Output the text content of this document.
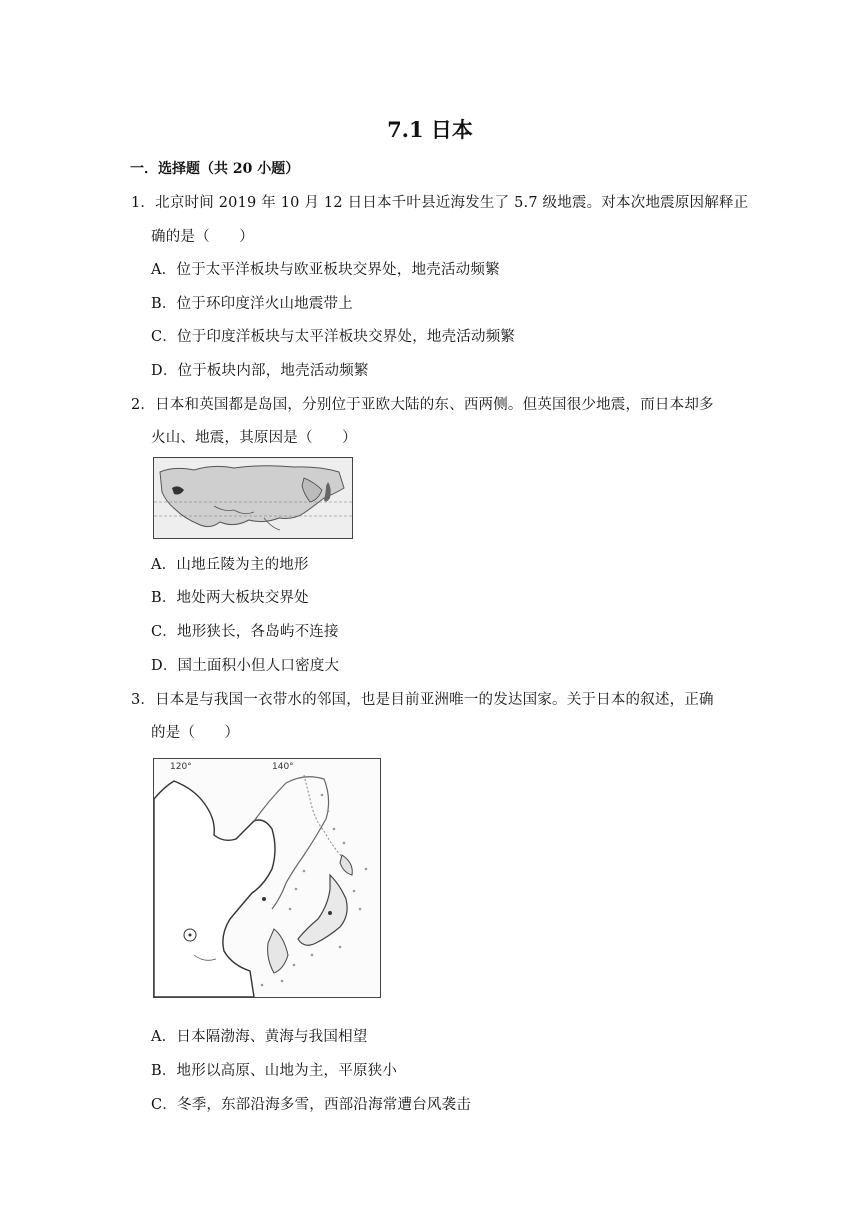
7.1 日本
一．选择题（共 20 小题）
1．北京时间 2019 年 10 月 12 日日本千叶县近海发生了 5.7 级地震。对本次地震原因解释正
确的是（　　）
A．位于太平洋板块与欧亚板块交界处，地壳活动频繁
B．位于环印度洋火山地震带上
C．位于印度洋板块与太平洋板块交界处，地壳活动频繁
D．位于板块内部，地壳活动频繁
2．日本和英国都是岛国，分别位于亚欧大陆的东、西两侧。但英国很少地震，而日本却多
火山、地震，其原因是（　　）
A．山地丘陵为主的地形
B．地处两大板块交界处
C．地形狭长，各岛屿不连接
D．国土面积小但人口密度大
3．日本是与我国一衣带水的邻国，也是目前亚洲唯一的发达国家。关于日本的叙述，正确
的是（　　）
120°	140°
A．日本隔渤海、黄海与我国相望
B．地形以高原、山地为主，平原狭小
C．冬季，东部沿海多雪，西部沿海常遭台风袭击
